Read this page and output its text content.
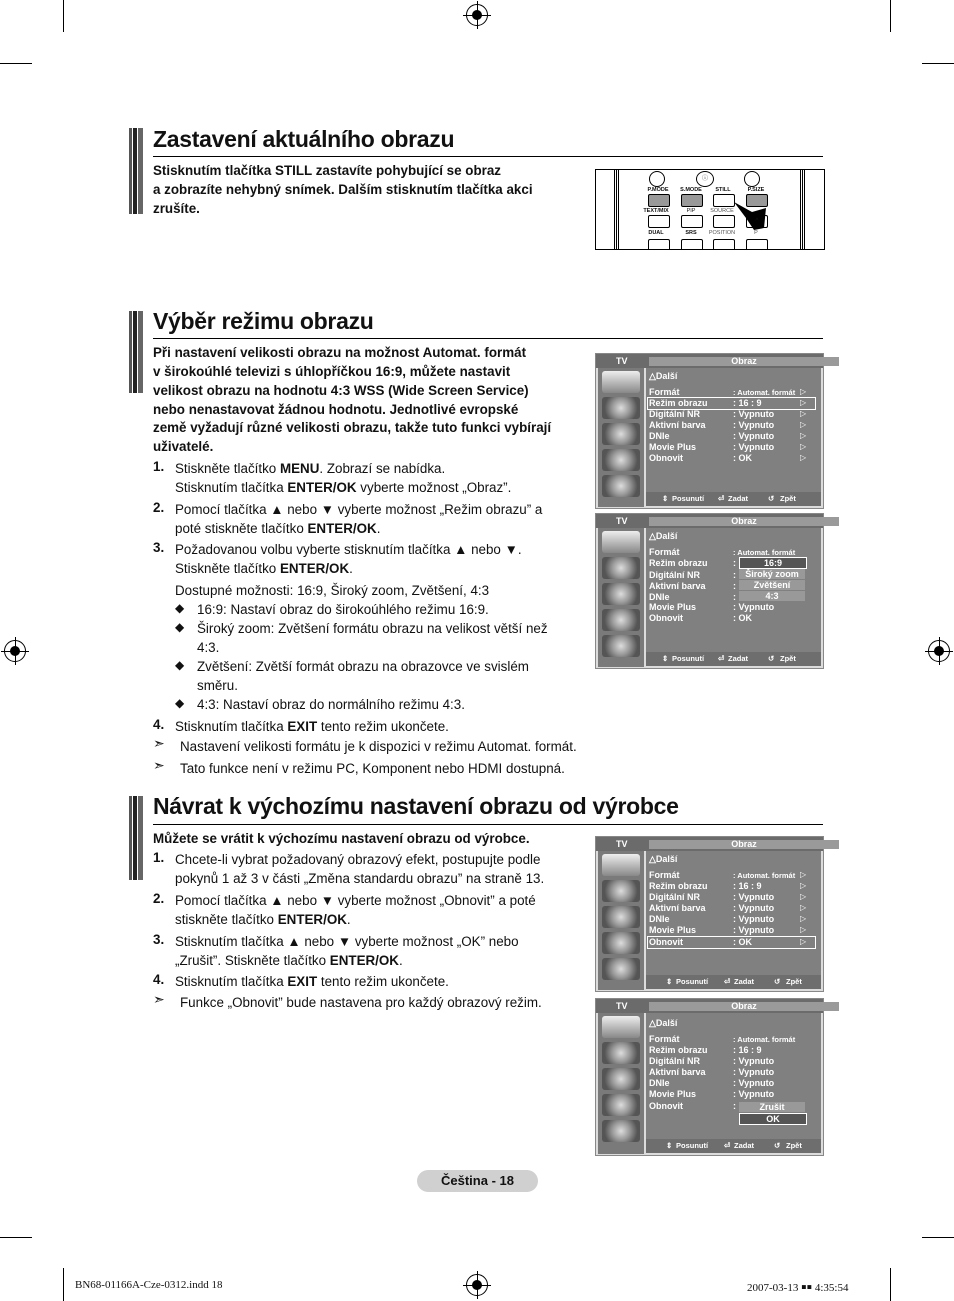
Zastavení aktuálního obrazu
Stisknutím tlačítka STILL zastavíte pohybující se obraz
a zobrazíte nehybný snímek. Dalším stisknutím tlačítka akci
zrušíte.
ⓘ
P.MODE	S.MODE	STILL	P.SIZE
TEXT/MIX	PIP	SOURCE
^
DUAL	SRS	POSITION	P
Výběr režimu obrazu
Při nastavení velikosti obrazu na možnost Automat. formát
v širokoúhlé televizi s úhlopříčkou 16:9, můžete nastavit
velikost obrazu na hodnotu 4:3 WSS (Wide Screen Service)
nebo nenastavovat žádnou hodnotu. Jednotlivé evropské
země vyžadují různé velikosti obrazu, takže tuto funkci vybírají
uživatelé.
1. Stiskněte tlačítko MENU. Zobrazí se nabídka.
Stisknutím tlačítka ENTER/OK vyberte možnost „Obraz”.
2. Pomocí tlačítka ▲ nebo ▼ vyberte možnost „Režim obrazu” a
poté stiskněte tlačítko ENTER/OK.
3. Požadovanou volbu vyberte stisknutím tlačítka ▲ nebo ▼.
Stiskněte tlačítko ENTER/OK.
Dostupné možnosti: 16:9, Široký zoom, Zvětšení, 4:3
◆ 16:9: Nastaví obraz do širokoúhlého režimu 16:9.
◆ Široký zoom: Zvětšení formátu obrazu na velikost větší než
4:3.
◆ Zvětšení: Zvětší formát obrazu na obrazovce ve svislém
směru.
◆ 4:3: Nastaví obraz do normálního režimu 4:3.
4. Stisknutím tlačítka EXIT tento režim ukončete.
➣ Nastavení velikosti formátu je k dispozici v režimu Automat. formát.
➣ Tato funkce není v režimu PC, Komponent nebo HDMI dostupná.
Návrat k výchozímu nastavení obrazu od výrobce
Můžete se vrátit k výchozímu nastavení obrazu od výrobce.
1. Chcete-li vybrat požadovaný obrazový efekt, postupujte podle
pokynů 1 až 3 v části „Změna standardu obrazu” na straně 13.
2. Pomocí tlačítka ▲ nebo ▼ vyberte možnost „Obnovit” a poté
stiskněte tlačítko ENTER/OK.
3. Stisknutím tlačítka ▲ nebo ▼ vyberte možnost „OK” nebo
„Zrušit”. Stiskněte tlačítko ENTER/OK.
4. Stisknutím tlačítka EXIT tento režim ukončete.
➣ Funkce „Obnovit” bude nastavena pro každý obrazový režim.
TV	Obraz
△Další
Formát	: Automat. formát ▷
Režim obrazu	: 16 : 9	▷
Digitální NR	: Vypnuto	▷
Aktivní barva	: Vypnuto	▷
DNIe	: Vypnuto	▷
Movie Plus	: Vypnuto	▷
Obnovit	: OK	▷
⇕ Posunutí ⏎ Zadat	↺ Zpět
TV	Obraz
△Další
Formát	: Automat. formát
Režim obrazu	:
Digitální NR	:
Aktivní barva	:
DNIe	:
Movie Plus	: Vypnuto
Obnovit	: OK
16:9
Široký zoom
Zvětšení
4:3
⇕ Posunutí ⏎ Zadat	↺ Zpět
TV	Obraz
△Další
Formát	: Automat. formát ▷
Režim obrazu	: 16 : 9	▷
Digitální NR	: Vypnuto	▷
Aktivní barva	: Vypnuto	▷
DNIe	: Vypnuto	▷
Movie Plus	: Vypnuto	▷
Obnovit	: OK	▷
⇕ Posunutí ⏎ Zadat	↺ Zpět
TV	Obraz
△Další
Formát	: Automat. formát
Režim obrazu	: 16 : 9
Digitální NR	: Vypnuto
Aktivní barva	: Vypnuto
DNIe	: Vypnuto
Movie Plus	: Vypnuto
Obnovit	:	Zrušit
OK
⇕ Posunutí ⏎ Zadat	↺ Zpět
Čeština - 18
BN68-01166A-Cze-0312.indd 18	2007-03-13 ￭￭ 4:35:54
